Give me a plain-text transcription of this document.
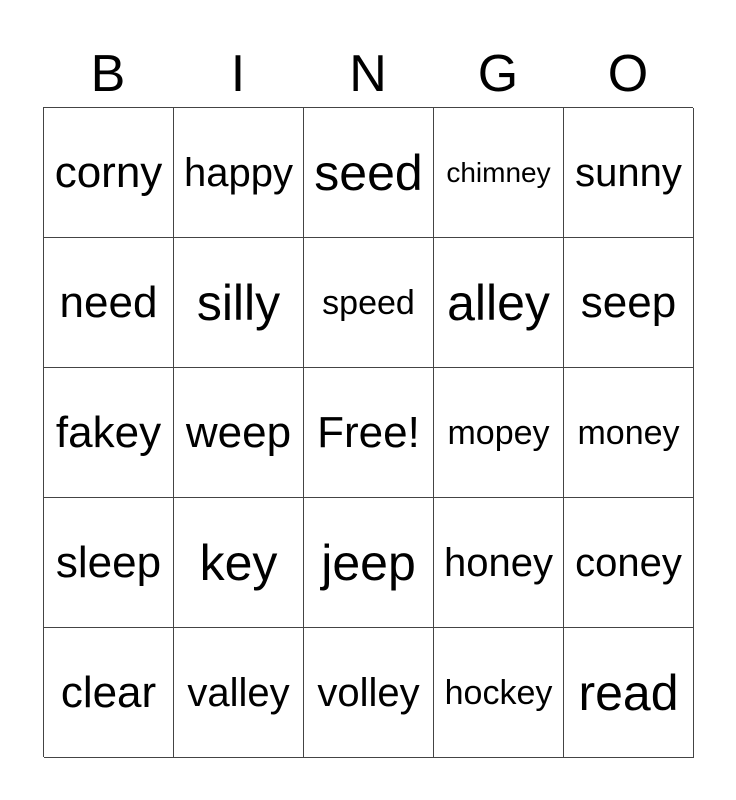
B	I	N	G	O
corny happy seed chimney sunny
need silly	speed alley seep
fakey weep Free! mopey money
sleep key jeep honey coney
clear valley volley hockey read
